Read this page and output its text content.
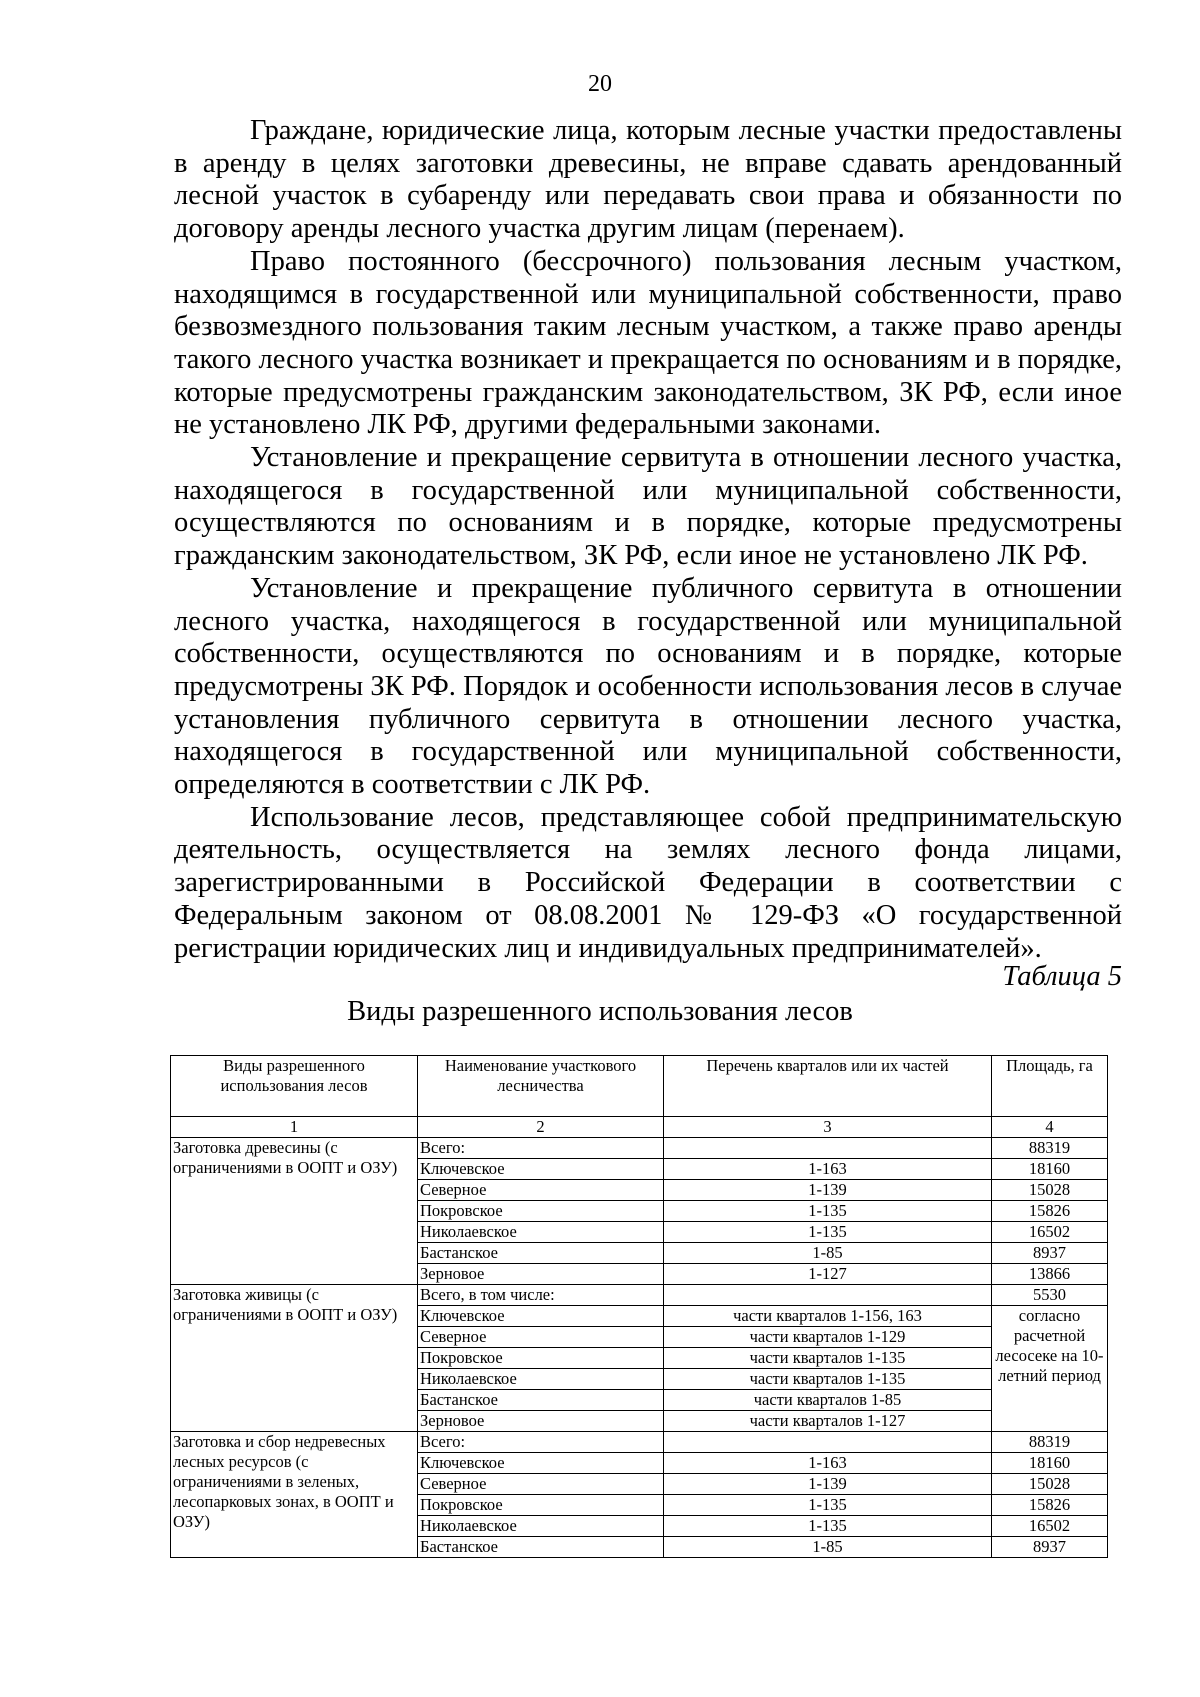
20

Граждане, юридические лица, которым лесные участки предоставлены в аренду в целях заготовки древесины, не вправе сдавать арендованный лесной участок в субаренду или передавать свои права и обязанности по договору аренды лесного участка другим лицам (перенаем).

Право постоянного (бессрочного) пользования лесным участком, находящимся в государственной или муниципальной собственности, право безвозмездного пользования таким лесным участком, а также право аренды такого лесного участка возникает и прекращается по основаниям и в порядке, которые предусмотрены гражданским законодательством, ЗК РФ, если иное не установлено ЛК РФ, другими федеральными законами.

Установление и прекращение сервитута в отношении лесного участка, находящегося в государственной или муниципальной собственности, осуществляются по основаниям и в порядке, которые предусмотрены гражданским законодательством, ЗК РФ, если иное не установлено ЛК РФ.

Установление и прекращение публичного сервитута в отношении лесного участка, находящегося в государственной или муниципальной собственности, осуществляются по основаниям и в порядке, которые предусмотрены ЗК РФ. Порядок и особенности использования лесов в случае установления публичного сервитута в отношении лесного участка, находящегося в государственной или муниципальной собственности, определяются в соответствии с ЛК РФ.

Использование лесов, представляющее собой предпринимательскую деятельность, осуществляется на землях лесного фонда лицами, зарегистрированными в Российской Федерации в соответствии с Федеральным законом от 08.08.2001 № 129-ФЗ «О государственной регистрации юридических лиц и индивидуальных предпринимателей».

Таблица 5
Виды разрешенного использования лесов
Виды разрешенного использования лесов	Наименование участкового лесничества	Перечень кварталов или их частей	Площадь, га
1	2	3	4
Заготовка древесины (с ограничениями в ООПТ и ОЗУ)	Всего:		88319
	Ключевское	1-163	18160
	Северное	1-139	15028
	Покровское	1-135	15826
	Николаевское	1-135	16502
	Бастанское	1-85	8937
	Зерновое	1-127	13866
Заготовка живицы (с ограничениями в ООПТ и ОЗУ)	Всего, в том числе:		5530
	Ключевское	части кварталов 1-156, 163	согласно расчетной лесосеке на 10-летний период
	Северное	части кварталов 1-129	
	Покровское	части кварталов 1-135	
	Николаевское	части кварталов 1-135	
	Бастанское	части кварталов 1-85	
	Зерновое	части кварталов 1-127	
Заготовка и сбор недревесных лесных ресурсов (с ограничениями в зеленых, лесопарковых зонах, в ООПТ и ОЗУ)	Всего:		88319
	Ключевское	1-163	18160
	Северное	1-139	15028
	Покровское	1-135	15826
	Николаевское	1-135	16502
	Бастанское	1-85	8937
